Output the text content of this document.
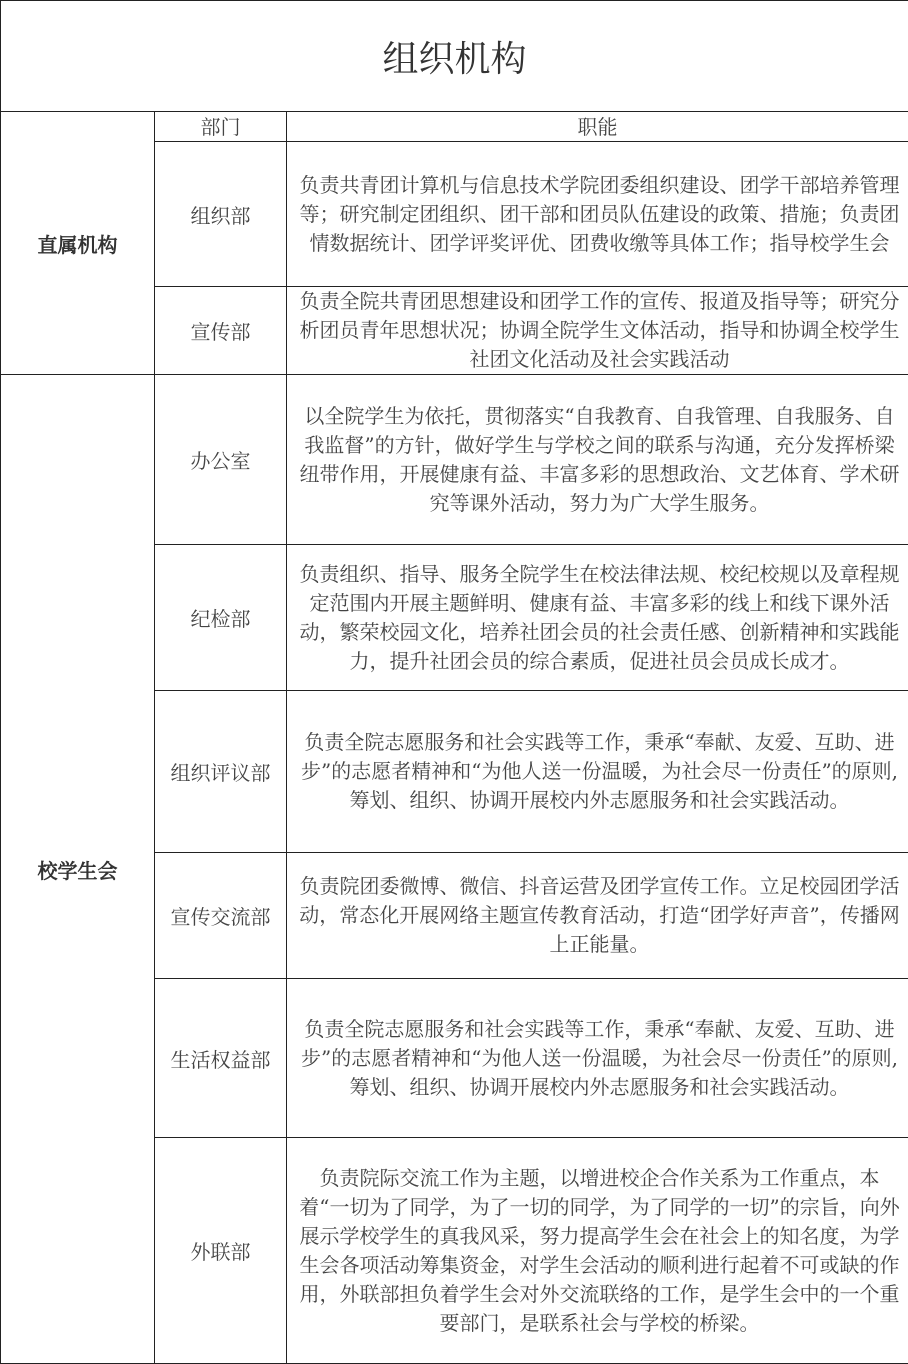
组织机构		
直属机构	部门	职能
	组织部	负责共青团计算机与信息技术学院团委组织建设、团学干部培养管理等；研究制定团组织、团干部和团员队伍建设的政策、措施；负责团情数据统计、团学评奖评优、团费收缴等具体工作；指导校学生会
	宣传部	负责全院共青团思想建设和团学工作的宣传、报道及指导等；研究分析团员青年思想状况；协调全院学生文体活动，指导和协调全校学生社团文化活动及社会实践活动
校学生会	办公室	以全院学生为依托，贯彻落实“自我教育、自我管理、自我服务、自我监督”的方针，做好学生与学校之间的联系与沟通，充分发挥桥梁纽带作用，开展健康有益、丰富多彩的思想政治、文艺体育、学术研究等课外活动，努力为广大学生服务。
	纪检部	负责组织、指导、服务全院学生在校法律法规、校纪校规以及章程规定范围内开展主题鲜明、健康有益、丰富多彩的线上和线下课外活动，繁荣校园文化，培养社团会员的社会责任感、创新精神和实践能力，提升社团会员的综合素质，促进社员会员成长成才。
	组织评议部	负责全院志愿服务和社会实践等工作，秉承“奉献、友爱、互助、进步”的志愿者精神和“为他人送一份温暖，为社会尽一份责任”的原则,筹划、组织、协调开展校内外志愿服务和社会实践活动。
	宣传交流部	负责院团委微博、微信、抖音运营及团学宣传工作。立足校园团学活动，常态化开展网络主题宣传教育活动，打造“团学好声音”，传播网上正能量。
	生活权益部	负责全院志愿服务和社会实践等工作，秉承“奉献、友爱、互助、进步”的志愿者精神和“为他人送一份温暖，为社会尽一份责任”的原则,筹划、组织、协调开展校内外志愿服务和社会实践活动。
	外联部	负责院际交流工作为主题，以增进校企合作关系为工作重点，本着“一切为了同学，为了一切的同学，为了同学的一切”的宗旨，向外展示学校学生的真我风采，努力提高学生会在社会上的知名度，为学生会各项活动筹集资金，对学生会活动的顺利进行起着不可或缺的作用，外联部担负着学生会对外交流联络的工作，是学生会中的一个重要部门，是联系社会与学校的桥梁。
